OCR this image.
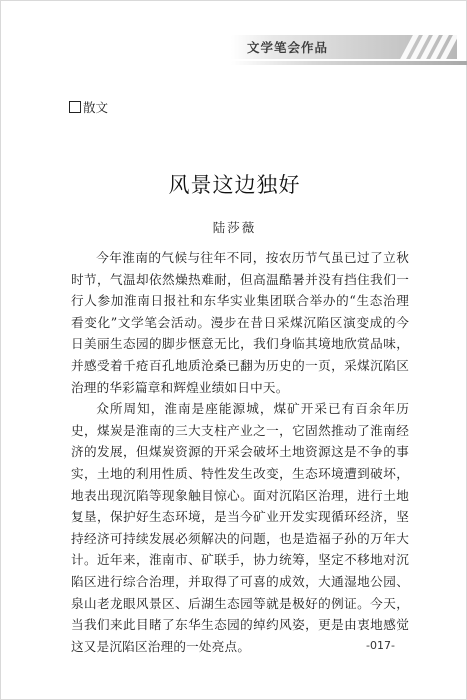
文学笔会作品
散文
风景这边独好
陆莎薇

今年淮南的气候与往年不同，按农历节气虽已过了立秋时节，气温却依然燥热难耐，但高温酷暑并没有挡住我们一行人参加淮南日报社和东华实业集团联合举办的“生态治理看变化”文学笔会活动。漫步在昔日采煤沉陷区演变成的今日美丽生态园的脚步惬意无比，我们身临其境地欣赏品味，并感受着千疮百孔地质沧桑已翻为历史的一页，采煤沉陷区治理的华彩篇章和辉煌业绩如日中天。

众所周知，淮南是座能源城，煤矿开采已有百余年历史，煤炭是淮南的三大支柱产业之一，它固然推动了淮南经济的发展，但煤炭资源的开采会破坏土地资源这是不争的事实，土地的利用性质、特性发生改变，生态环境遭到破坏，地表出现沉陷等现象触目惊心。面对沉陷区治理，进行土地复垦，保护好生态环境，是当今矿业开发实现循环经济，坚持经济可持续发展必须解决的问题，也是造福子孙的万年大计。近年来，淮南市、矿联手，协力统筹，坚定不移地对沉陷区进行综合治理，并取得了可喜的成效，大通湿地公园、泉山老龙眼风景区、后湖生态园等就是极好的例证。今天，当我们来此目睹了东华生态园的绰约风姿，更是由衷地感觉这又是沉陷区治理的一处亮点。	-017-
